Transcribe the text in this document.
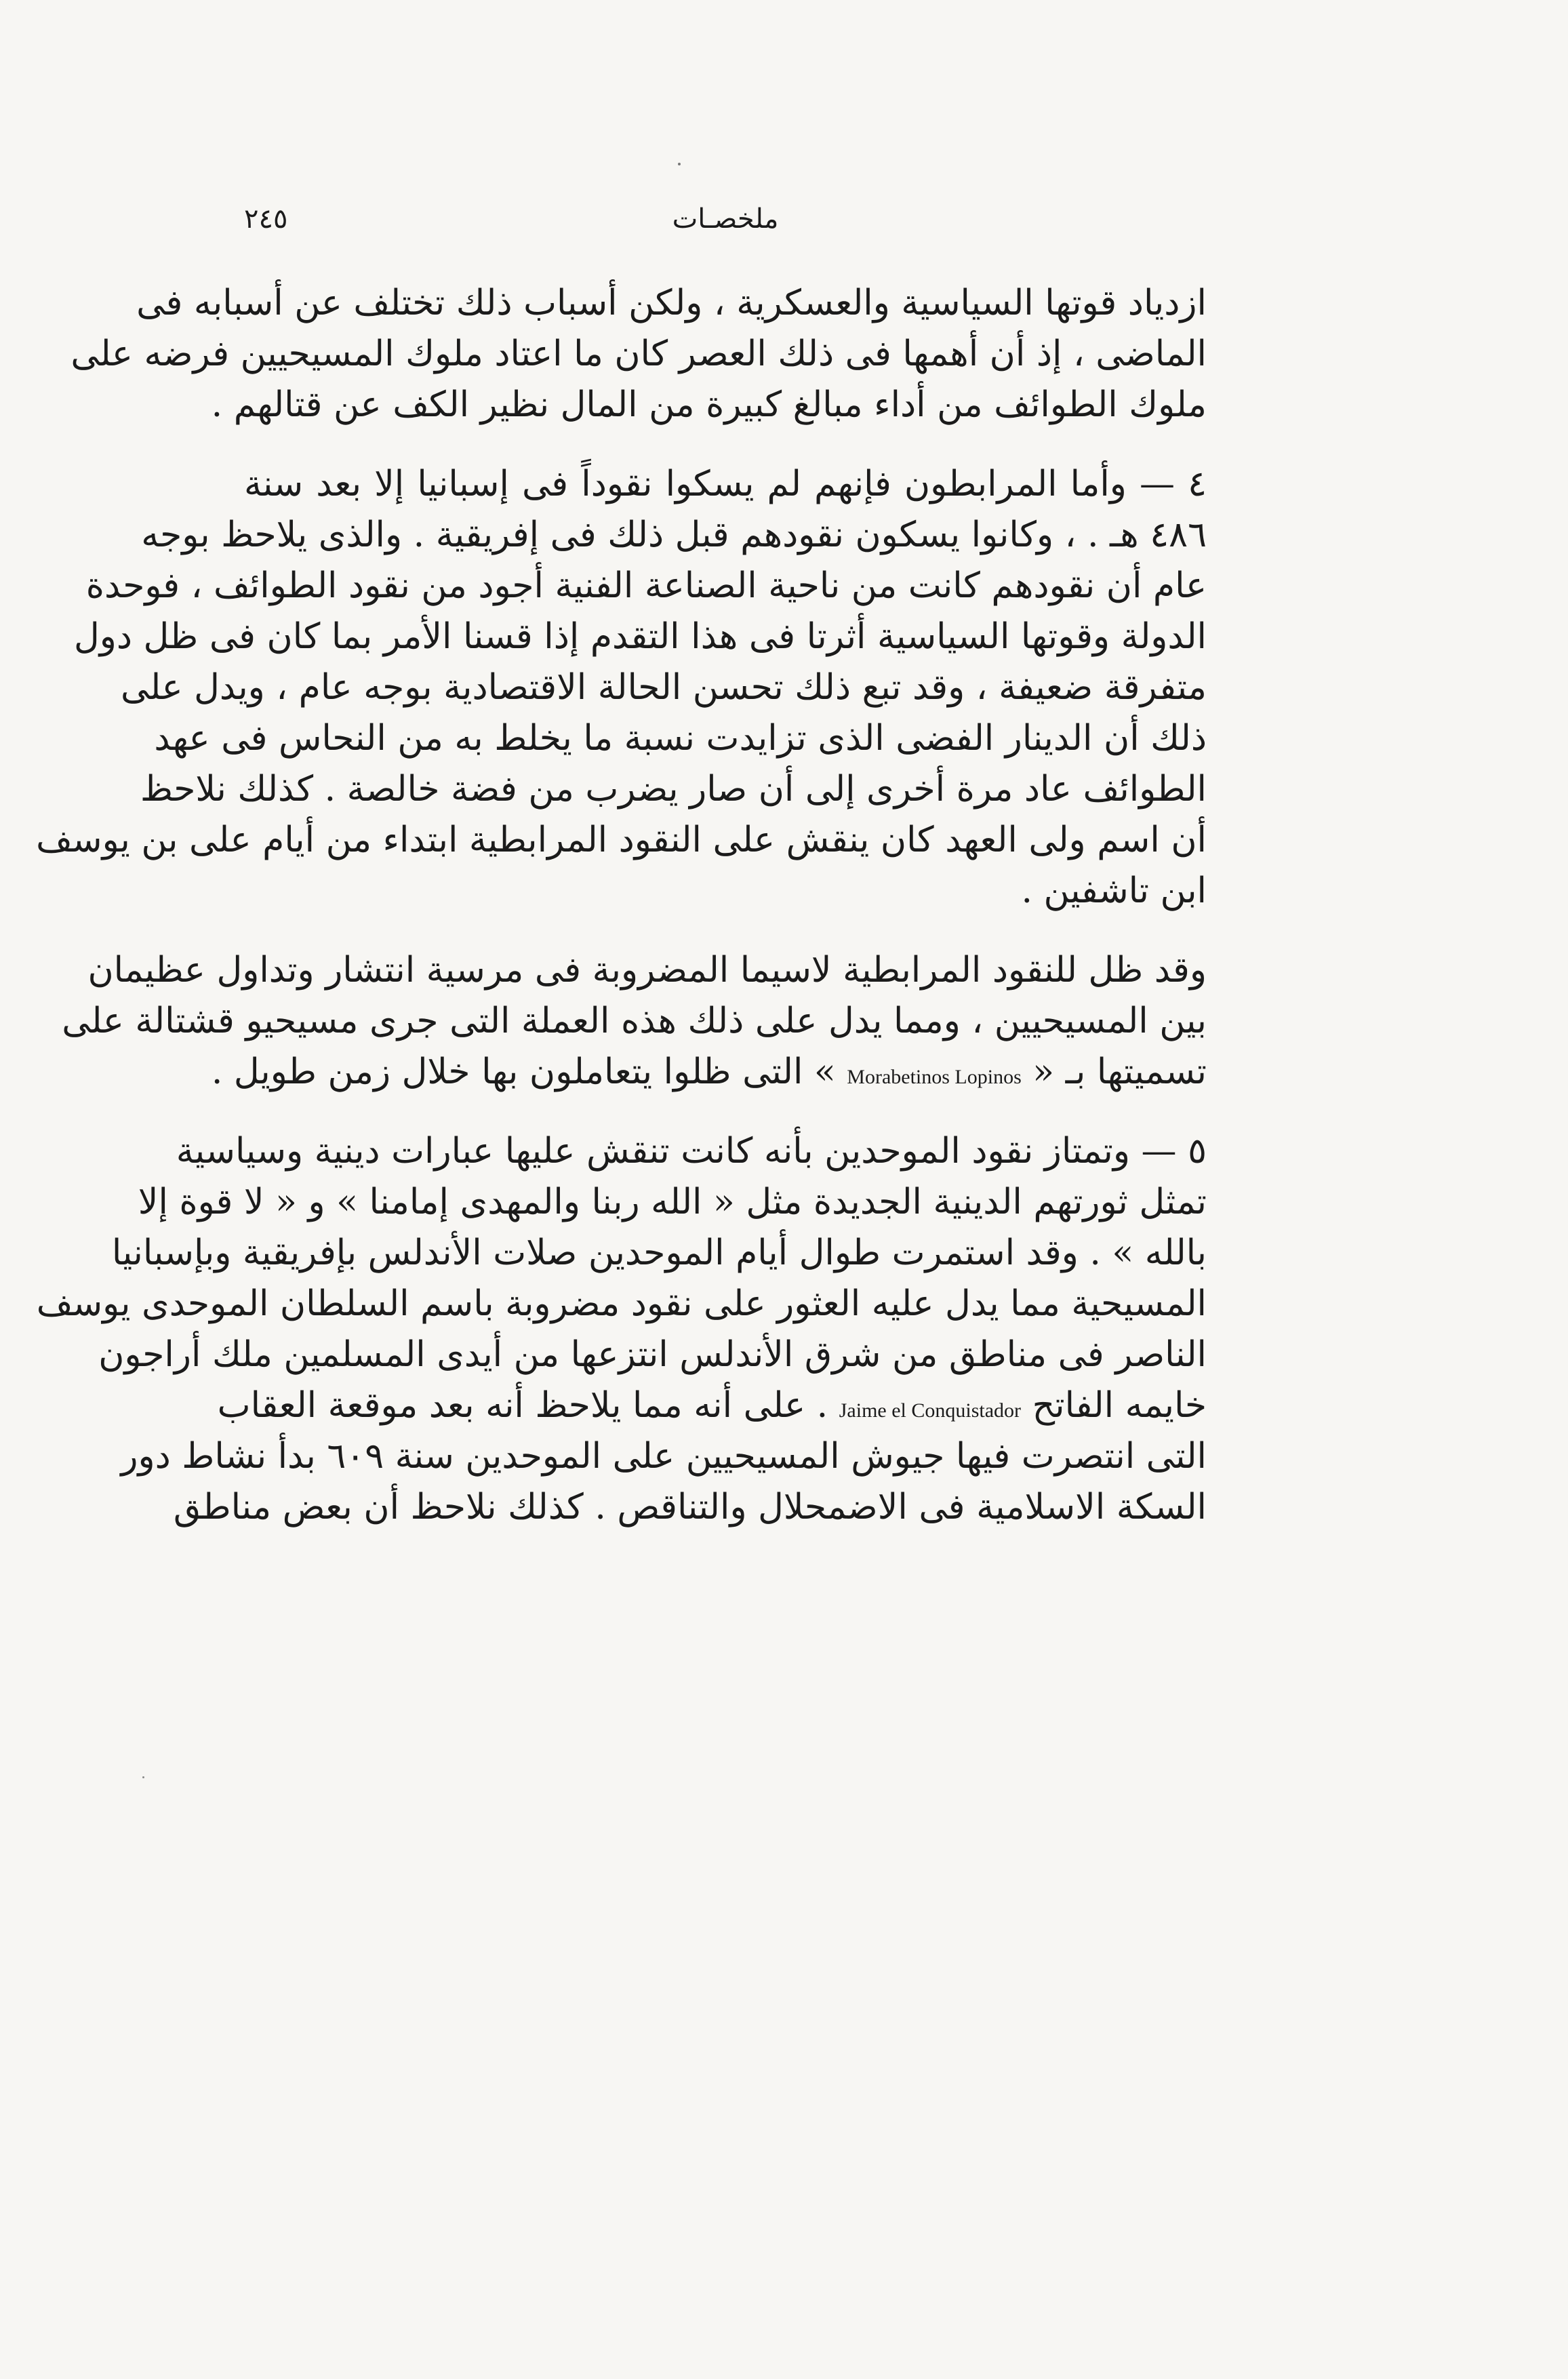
٢٤٥	ملخصـات
ازدياد قوتها السياسية والعسكرية ، ولكن أسباب ذلك تختلف عن أسبابه فى
الماضى ، إذ أن أهمها فى ذلك العصر كان ما اعتاد ملوك المسيحيين فرضه على
ملوك الطوائف من أداء مبالغ كبيرة من المال نظير الكف عن قتالهم .
٤ — وأما المرابطون فإنهم لم يسكوا نقوداً فى إسبانيا إلا بعد سنة
٤٨٦ هـ . ، وكانوا يسكون نقودهم قبل ذلك فى إفريقية . والذى يلاحظ بوجه
عام أن نقودهم كانت من ناحية الصناعة الفنية أجود من نقود الطوائف ، فوحدة
الدولة وقوتها السياسية أثرتا فى هذا التقدم إذا قسنا الأمر بما كان فى ظل دول
متفرقة ضعيفة ، وقد تبع ذلك تحسن الحالة الاقتصادية بوجه عام ، ويدل على
ذلك أن الدينار الفضى الذى تزايدت نسبة ما يخلط به من النحاس فى عهد
الطوائف عاد مرة أخرى إلى أن صار يضرب من فضة خالصة . كذلك نلاحظ
أن اسم ولى العهد كان ينقش على النقود المرابطية ابتداء من أيام على بن يوسف
ابن تاشفين .
وقد ظل للنقود المرابطية لاسيما المضروبة فى مرسية انتشار وتداول عظيمان
بين المسيحيين ، ومما يدل على ذلك هذه العملة التى جرى مسيحيو قشتالة على
تسميتها بـ « Morabetinos Lopinos » التى ظلوا يتعاملون بها خلال زمن طويل .
٥ — وتمتاز نقود الموحدين بأنه كانت تنقش عليها عبارات دينية وسياسية
تمثل ثورتهم الدينية الجديدة مثل « الله ربنا والمهدى إمامنا » و « لا قوة إلا
بالله » . وقد استمرت طوال أيام الموحدين صلات الأندلس بإفريقية وبإسبانيا
المسيحية مما يدل عليه العثور على نقود مضروبة باسم السلطان الموحدى يوسف
الناصر فى مناطق من شرق الأندلس انتزعها من أيدى المسلمين ملك أراجون
خايمه الفاتح Jaime el Conquistador . على أنه مما يلاحظ أنه بعد موقعة العقاب
التى انتصرت فيها جيوش المسيحيين على الموحدين سنة ٦٠٩ بدأ نشاط دور
السكة الاسلامية فى الاضمحلال والتناقص . كذلك نلاحظ أن بعض مناطق
